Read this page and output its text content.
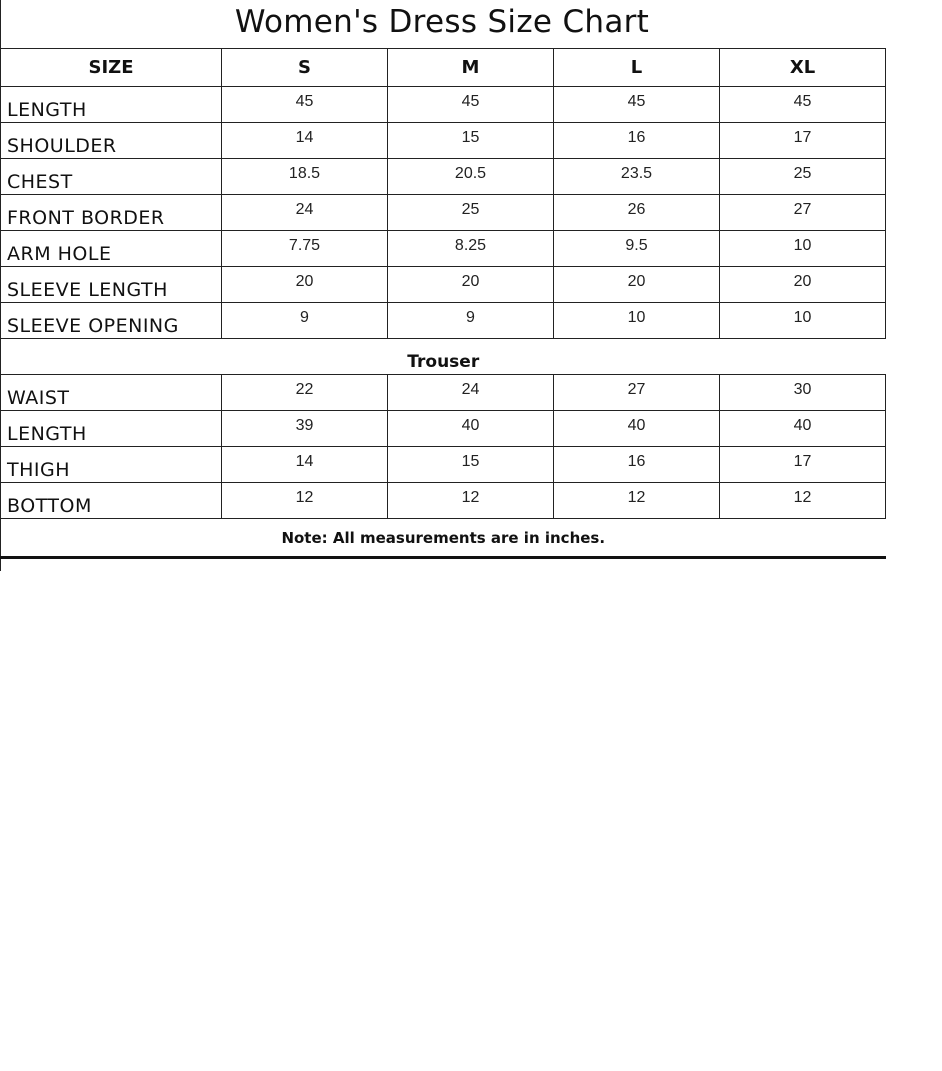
Women's Dress Size Chart
SIZE	S	M	L	XL
LENGTH	45	45	45	45
SHOULDER	14	15	16	17
CHEST	18.5	20.5	23.5	25
FRONT BORDER	24	25	26	27
ARM HOLE	7.75	8.25	9.5	10
SLEEVE LENGTH	20	20	20	20
SLEEVE OPENING	9	9	10	10
Trouser				
WAIST	22	24	27	30
LENGTH	39	40	40	40
THIGH	14	15	16	17
BOTTOM	12	12	12	12
Note: All measurements are in inches.				
